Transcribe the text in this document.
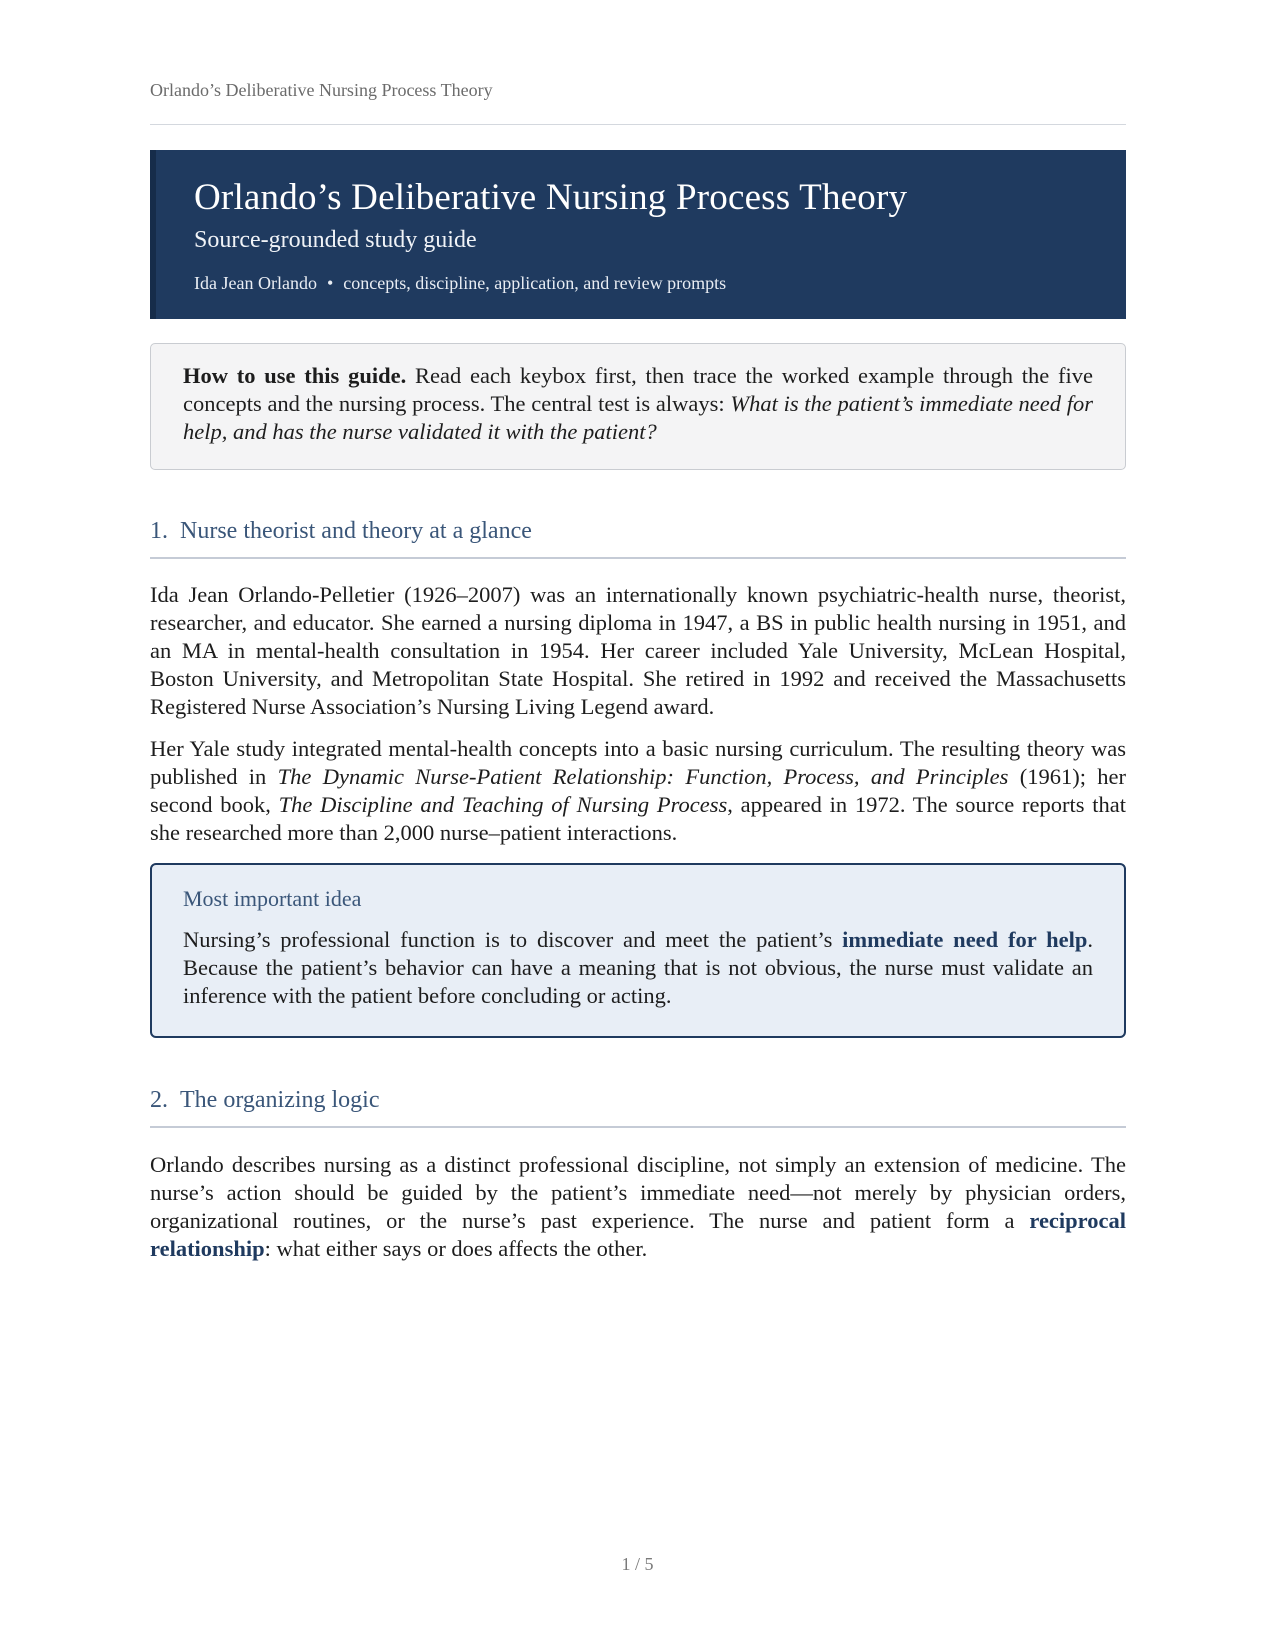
Orlando’s Deliberative Nursing Process Theory
Orlando’s Deliberative Nursing Process Theory
Source-grounded study guide
Ida Jean Orlando • concepts, discipline, application, and review prompts
How to use this guide. Read each keybox first, then trace the worked example through the five concepts and the nursing process. The central test is always: What is the patient’s immediate need for help, and has the nurse validated it with the patient?
1. Nurse theorist and theory at a glance
Ida Jean Orlando-Pelletier (1926–2007) was an internationally known psychiatric-health nurse, theorist, researcher, and educator. She earned a nursing diploma in 1947, a BS in public health nursing in 1951, and an MA in mental-health consultation in 1954. Her career included Yale University, McLean Hospital, Boston University, and Metropolitan State Hospital. She retired in 1992 and received the Massachusetts Registered Nurse Association’s Nursing Living Legend award.
Her Yale study integrated mental-health concepts into a basic nursing curriculum. The resulting theory was published in The Dynamic Nurse-Patient Relationship: Function, Process, and Principles (1961); her second book, The Discipline and Teaching of Nursing Process, appeared in 1972. The source reports that she researched more than 2,000 nurse–patient interactions.
Most important idea
Nursing’s professional function is to discover and meet the patient’s immediate need for help. Because the patient’s behavior can have a meaning that is not obvious, the nurse must validate an inference with the patient before concluding or acting.
2. The organizing logic
Orlando describes nursing as a distinct professional discipline, not simply an extension of medicine. The nurse’s action should be guided by the patient’s immediate need—not merely by physician orders, organizational routines, or the nurse’s past experience. The nurse and patient form a reciprocal relationship: what either says or does affects the other.
1 / 5
